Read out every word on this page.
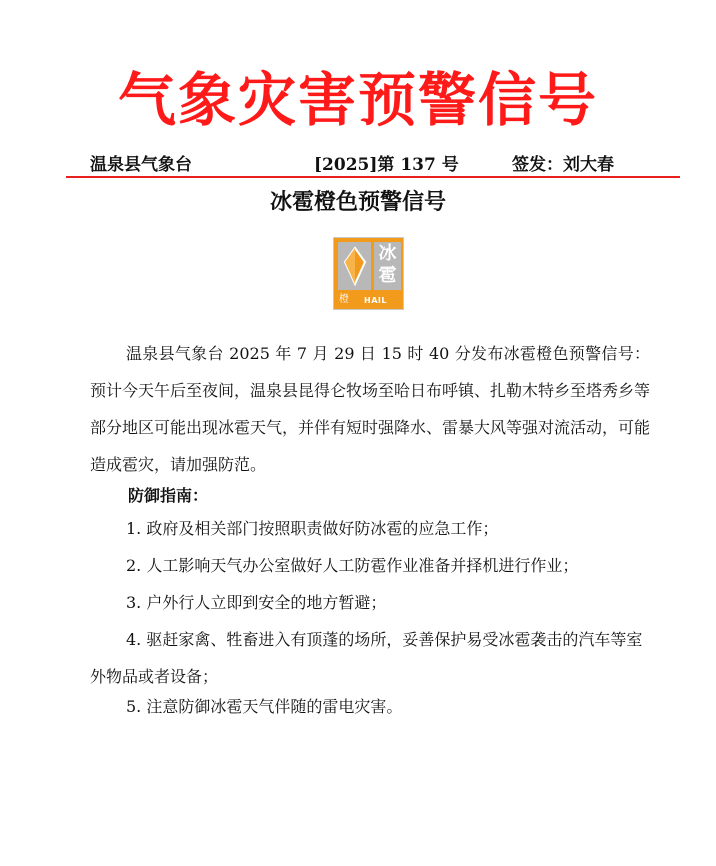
气象灾害预警信号
温泉县气象台	[2025]第 137 号	签发：刘大春
冰雹橙色预警信号
冰
雹
橙 HAIL
温泉县气象台 2025 年 7 月 29 日 15 时 40 分发布冰雹橙色预警信号：预计今天午后至夜间，温泉县昆得仑牧场至哈日布呼镇、扎勒木特乡至塔秀乡等部分地区可能出现冰雹天气，并伴有短时强降水、雷暴大风等强对流活动，可能造成雹灾，请加强防范。
防御指南：
1. 政府及相关部门按照职责做好防冰雹的应急工作；
2. 人工影响天气办公室做好人工防雹作业准备并择机进行作业；
3. 户外行人立即到安全的地方暂避；
4. 驱赶家禽、牲畜进入有顶蓬的场所，妥善保护易受冰雹袭击的汽车等室外物品或者设备；
5. 注意防御冰雹天气伴随的雷电灾害。
